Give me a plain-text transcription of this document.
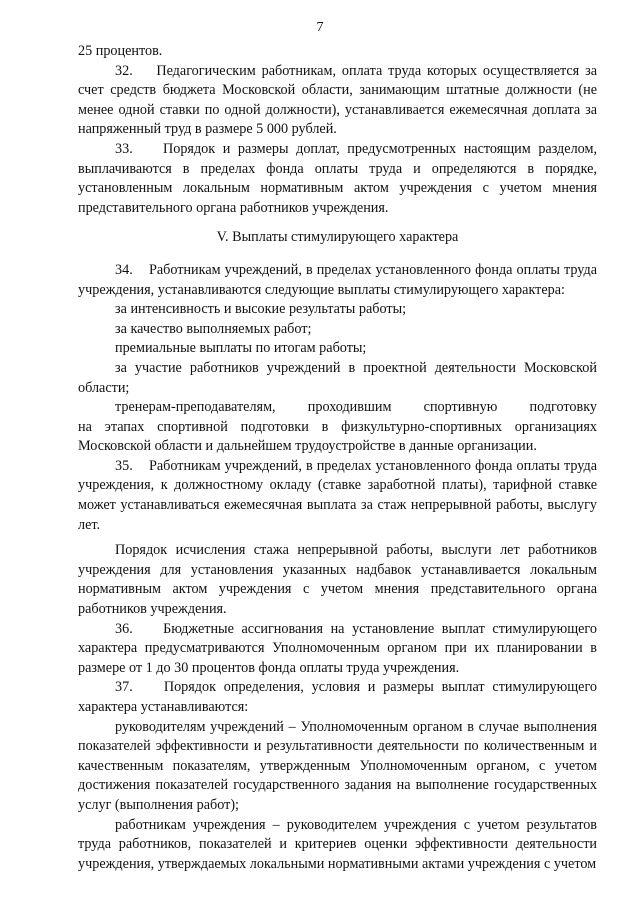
7

25 процентов.

32.    Педагогическим работникам, оплата труда которых осуществляется за счет средств бюджета Московской области, занимающим штатные должности (не менее одной ставки по одной должности), устанавливается ежемесячная доплата за напряженный труд в размере 5 000 рублей.

33.    Порядок и размеры доплат, предусмотренных настоящим разделом, выплачиваются в пределах фонда оплаты труда и определяются в порядке, установленным локальным нормативным актом учреждения с учетом мнения представительного органа работников учреждения.

V. Выплаты стимулирующего характера

34.    Работникам учреждений, в пределах установленного фонда оплаты труда учреждения, устанавливаются следующие выплаты стимулирующего характера:

за интенсивность и высокие результаты работы;

за качество выполняемых работ;

премиальные выплаты по итогам работы;

за участие работников учреждений в проектной деятельности Московской области;

тренерам-преподавателям, проходившим спортивную подготовку

на этапах спортивной подготовки в физкультурно-спортивных организациях Московской области и дальнейшем трудоустройстве в данные организации.

35.    Работникам учреждений, в пределах установленного фонда оплаты труда учреждения, к должностному окладу (ставке заработной платы), тарифной ставке может устанавливаться ежемесячная выплата за стаж непрерывной работы, выслугу лет.

Порядок исчисления стажа непрерывной работы, выслуги лет работников учреждения для установления указанных надбавок устанавливается локальным нормативным актом учреждения с учетом мнения представительного органа работников учреждения.

36.    Бюджетные ассигнования на установление выплат стимулирующего характера предусматриваются Уполномоченным органом при их планировании в размере от 1 до 30 процентов фонда оплаты труда учреждения.

37.    Порядок определения, условия и размеры выплат стимулирующего характера устанавливаются:

руководителям учреждений – Уполномоченным органом в случае выполнения показателей эффективности и результативности деятельности по количественным и качественным показателям, утвержденным Уполномоченным органом, с учетом достижения показателей государственного задания на выполнение государственных услуг (выполнения работ);

работникам учреждения – руководителем учреждения с учетом результатов труда работников, показателей и критериев оценки эффективности деятельности учреждения, утверждаемых локальными нормативными актами учреждения с учетом
